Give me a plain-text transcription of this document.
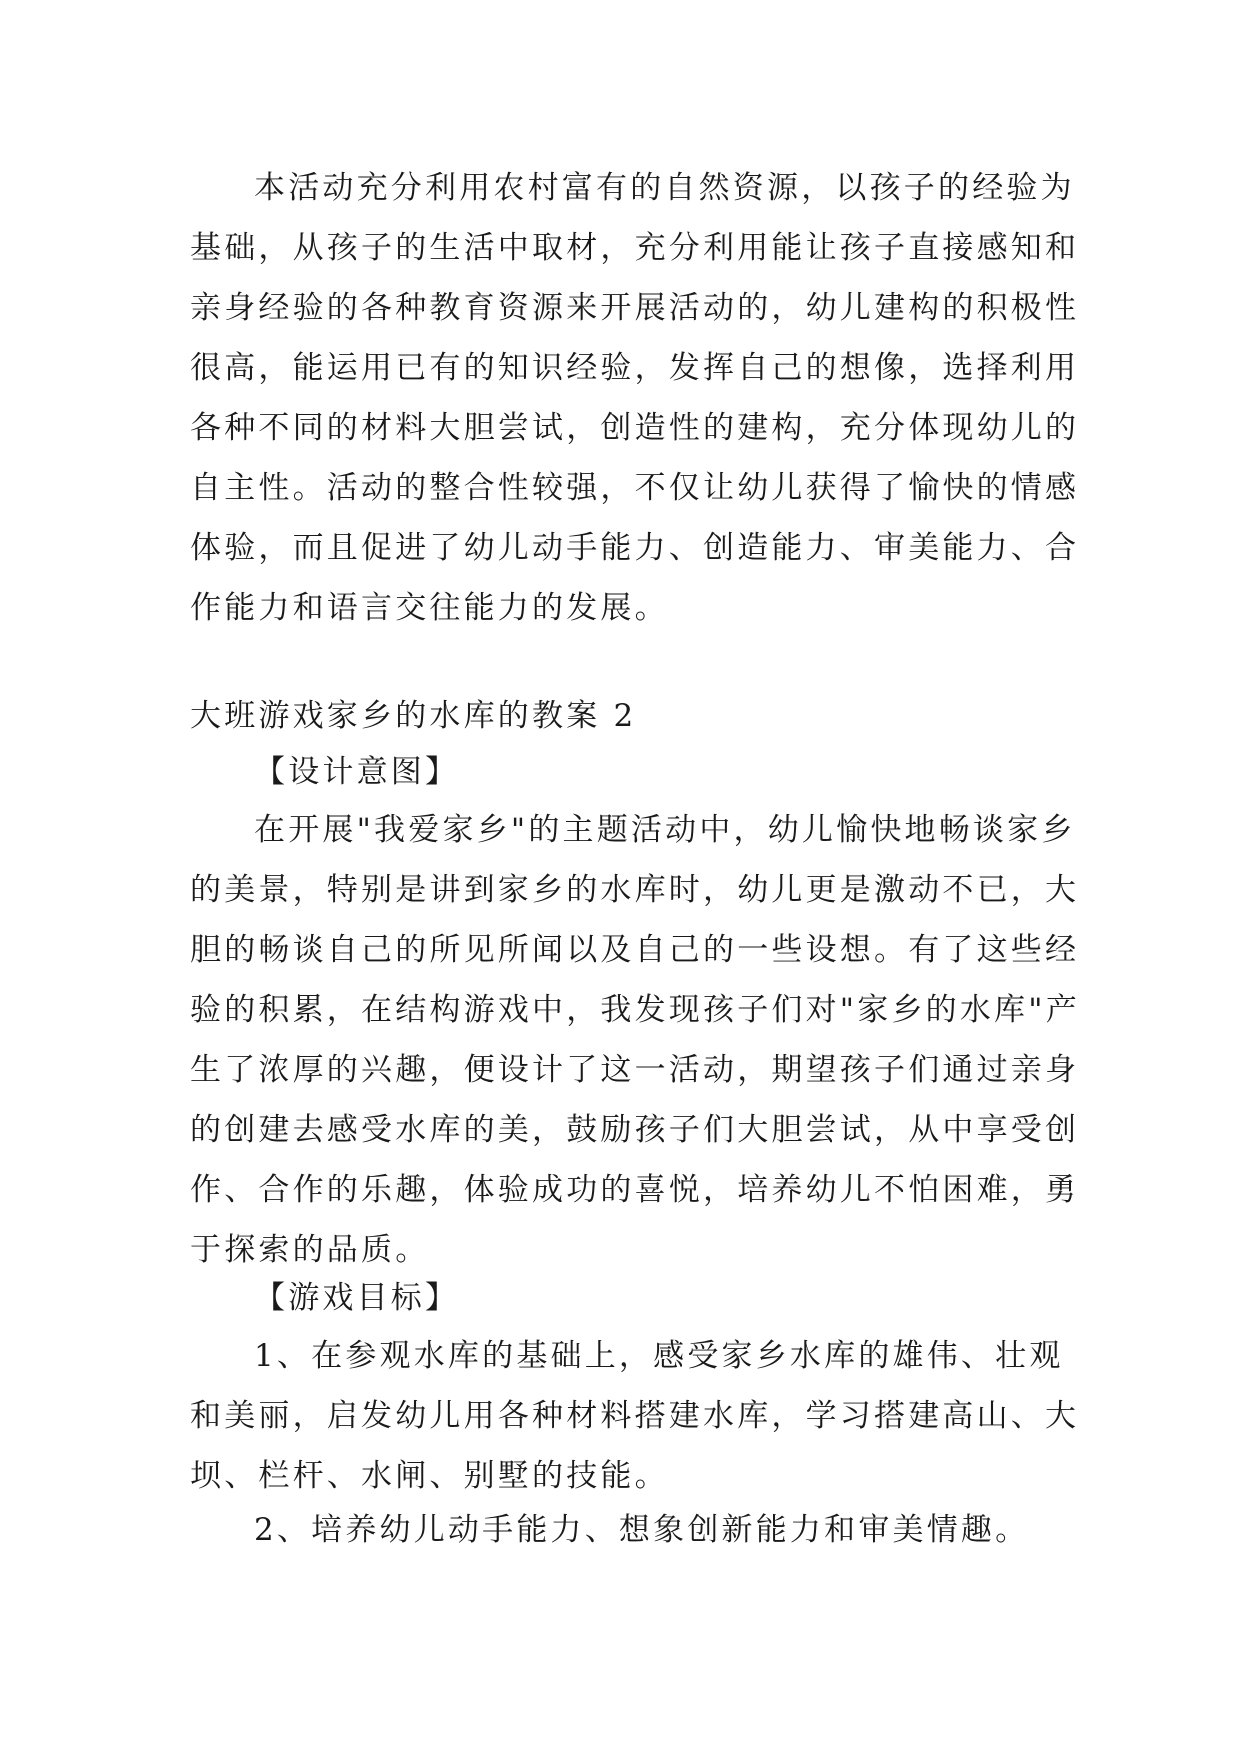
本活动充分利用农村富有的自然资源，以孩子的经验为
基础，从孩子的生活中取材，充分利用能让孩子直接感知和
亲身经验的各种教育资源来开展活动的，幼儿建构的积极性
很高，能运用已有的知识经验，发挥自己的想像，选择利用
各种不同的材料大胆尝试，创造性的建构，充分体现幼儿的
自主性。活动的整合性较强，不仅让幼儿获得了愉快的情感
体验，而且促进了幼儿动手能力、创造能力、审美能力、合
作能力和语言交往能力的发展。
大班游戏家乡的水库的教案 2
【设计意图】
在开展"我爱家乡"的主题活动中，幼儿愉快地畅谈家乡
的美景，特别是讲到家乡的水库时，幼儿更是激动不已，大
胆的畅谈自己的所见所闻以及自己的一些设想。有了这些经
验的积累，在结构游戏中，我发现孩子们对"家乡的水库"产
生了浓厚的兴趣，便设计了这一活动，期望孩子们通过亲身
的创建去感受水库的美，鼓励孩子们大胆尝试，从中享受创
作、合作的乐趣，体验成功的喜悦，培养幼儿不怕困难，勇
于探索的品质。
【游戏目标】
1、在参观水库的基础上，感受家乡水库的雄伟、壮观
和美丽，启发幼儿用各种材料搭建水库，学习搭建高山、大
坝、栏杆、水闸、别墅的技能。
2、培养幼儿动手能力、想象创新能力和审美情趣。
